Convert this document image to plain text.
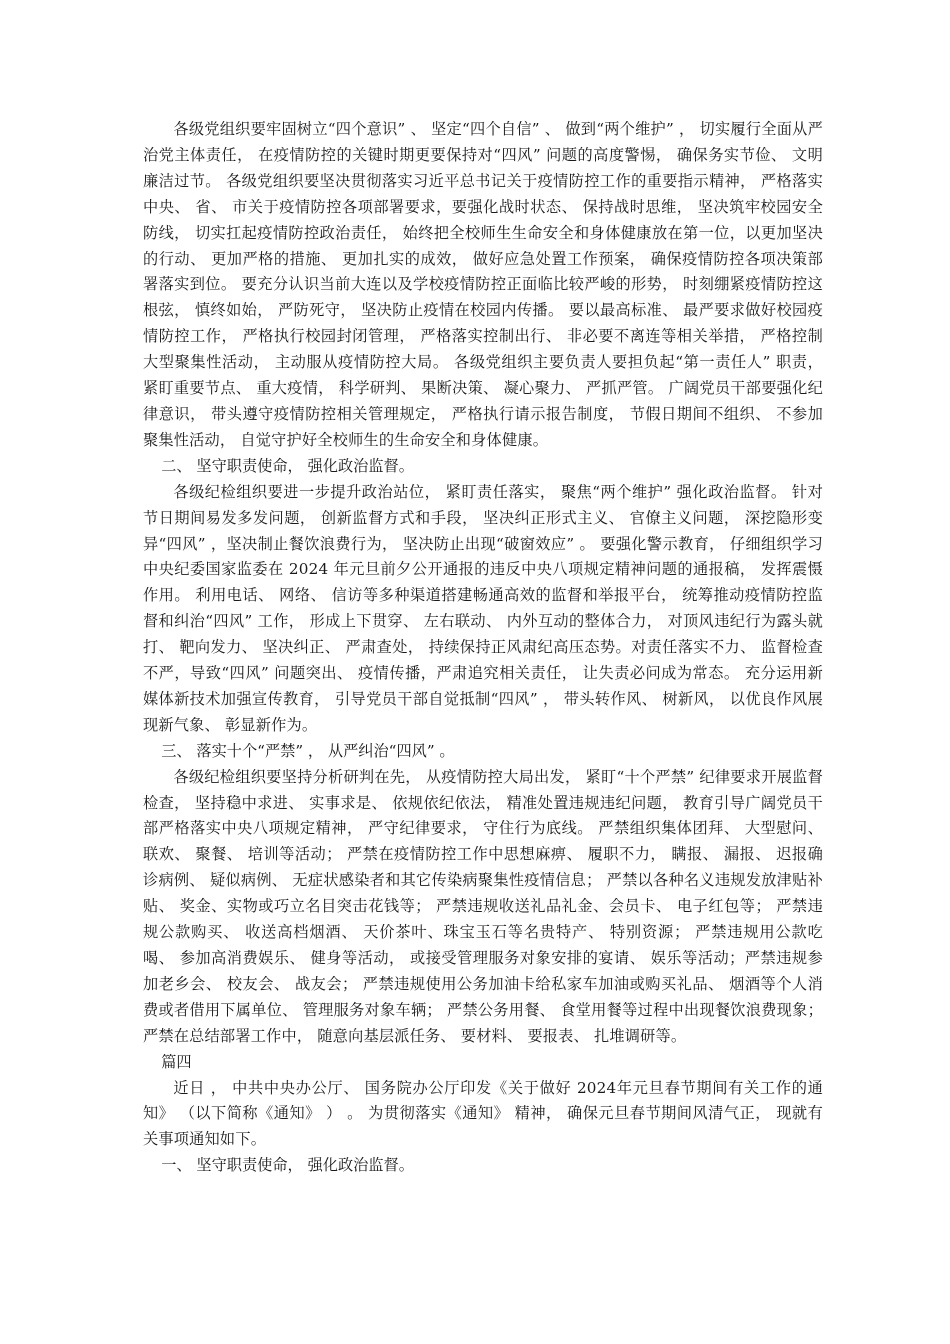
各级党组织要牢固树立“四个意识” 、 坚定“四个自信” 、 做到“两个维护” ， 切实履行全面从严治党主体责任， 在疫情防控的关键时期更要保持对“四风” 问题的高度警惕， 确保务实节俭、 文明廉洁过节。 各级党组织要坚决贯彻落实习近平总书记关于疫情防控工作的重要指示精神， 严格落实中央、 省、 市关于疫情防控各项部署要求，要强化战时状态、 保持战时思维， 坚决筑牢校园安全防线， 切实扛起疫情防控政治责任， 始终把全校师生生命安全和身体健康放在第一位，以更加坚决的行动、 更加严格的措施、 更加扎实的成效， 做好应急处置工作预案， 确保疫情防控各项决策部署落实到位。 要充分认识当前大连以及学校疫情防控正面临比较严峻的形势， 时刻绷紧疫情防控这根弦， 慎终如始， 严防死守， 坚决防止疫情在校园内传播。 要以最高标准、 最严要求做好校园疫情防控工作， 严格执行校园封闭管理， 严格落实控制出行、 非必要不离连等相关举措， 严格控制大型聚集性活动， 主动服从疫情防控大局。 各级党组织主要负责人要担负起“第一责任人” 职责， 紧盯重要节点、 重大疫情， 科学研判、 果断决策、 凝心聚力、 严抓严管。 广阔党员干部要强化纪律意识， 带头遵守疫情防控相关管理规定， 严格执行请示报告制度， 节假日期间不组织、 不参加聚集性活动， 自觉守护好全校师生的生命安全和身体健康。

二、 坚守职责使命， 强化政治监督。

各级纪检组织要进一步提升政治站位， 紧盯责任落实， 聚焦“两个维护” 强化政治监督。 针对节日期间易发多发问题， 创新监督方式和手段， 坚决纠正形式主义、 官僚主义问题， 深挖隐形变异“四风” ，坚决制止餐饮浪费行为， 坚决防止出现“破窗效应” 。 要强化警示教育， 仔细组织学习中央纪委国家监委在 2024 年元旦前夕公开通报的违反中央八项规定精神问题的通报稿， 发挥震慑作用。 利用电话、 网络、 信访等多种渠道搭建畅通高效的监督和举报平台， 统筹推动疫情防控监督和纠治“四风” 工作， 形成上下贯穿、 左右联动、 内外互动的整体合力， 对顶风违纪行为露头就打、 靶向发力、 坚决纠正、 严肃查处， 持续保持正风肃纪高压态势。对责任落实不力、 监督检查不严，导致“四风” 问题突出、 疫情传播，严肃追究相关责任， 让失责必问成为常态。 充分运用新媒体新技术加强宣传教育， 引导党员干部自觉抵制“四风” ， 带头转作风、 树新风， 以优良作风展现新气象、 彰显新作为。

三、 落实十个“严禁” ， 从严纠治“四风” 。

各级纪检组织要坚持分析研判在先， 从疫情防控大局出发， 紧盯“十个严禁” 纪律要求开展监督检查， 坚持稳中求进、 实事求是、 依规依纪依法， 精准处置违规违纪问题， 教育引导广阔党员干部严格落实中央八项规定精神， 严守纪律要求， 守住行为底线。 严禁组织集体团拜、 大型慰问、 联欢、 聚餐、 培训等活动； 严禁在疫情防控工作中思想麻痹、 履职不力， 瞒报、 漏报、 迟报确诊病例、 疑似病例、 无症状感染者和其它传染病聚集性疫情信息； 严禁以各种名义违规发放津贴补贴、 奖金、实物或巧立名目突击花钱等； 严禁违规收送礼品礼金、会员卡、 电子红包等； 严禁违规公款购买、 收送高档烟酒、 天价茶叶、珠宝玉石等名贵特产、 特别资源； 严禁违规用公款吃喝、 参加高消费娱乐、 健身等活动， 或接受管理服务对象安排的宴请、 娱乐等活动；严禁违规参加老乡会、 校友会、 战友会； 严禁违规使用公务加油卡给私家车加油或购买礼品、 烟酒等个人消费或者借用下属单位、 管理服务对象车辆； 严禁公务用餐、 食堂用餐等过程中出现餐饮浪费现象；严禁在总结部署工作中， 随意向基层派任务、 要材料、 要报表、 扎堆调研等。

篇四

近日 ， 中共中央办公厅、 国务院办公厅印发《关于做好 2024年元旦春节期间有关工作的通知》 （以下简称《通知》 ） 。 为贯彻落实《通知》 精神， 确保元旦春节期间风清气正， 现就有关事项通知如下。

一、 坚守职责使命， 强化政治监督。
